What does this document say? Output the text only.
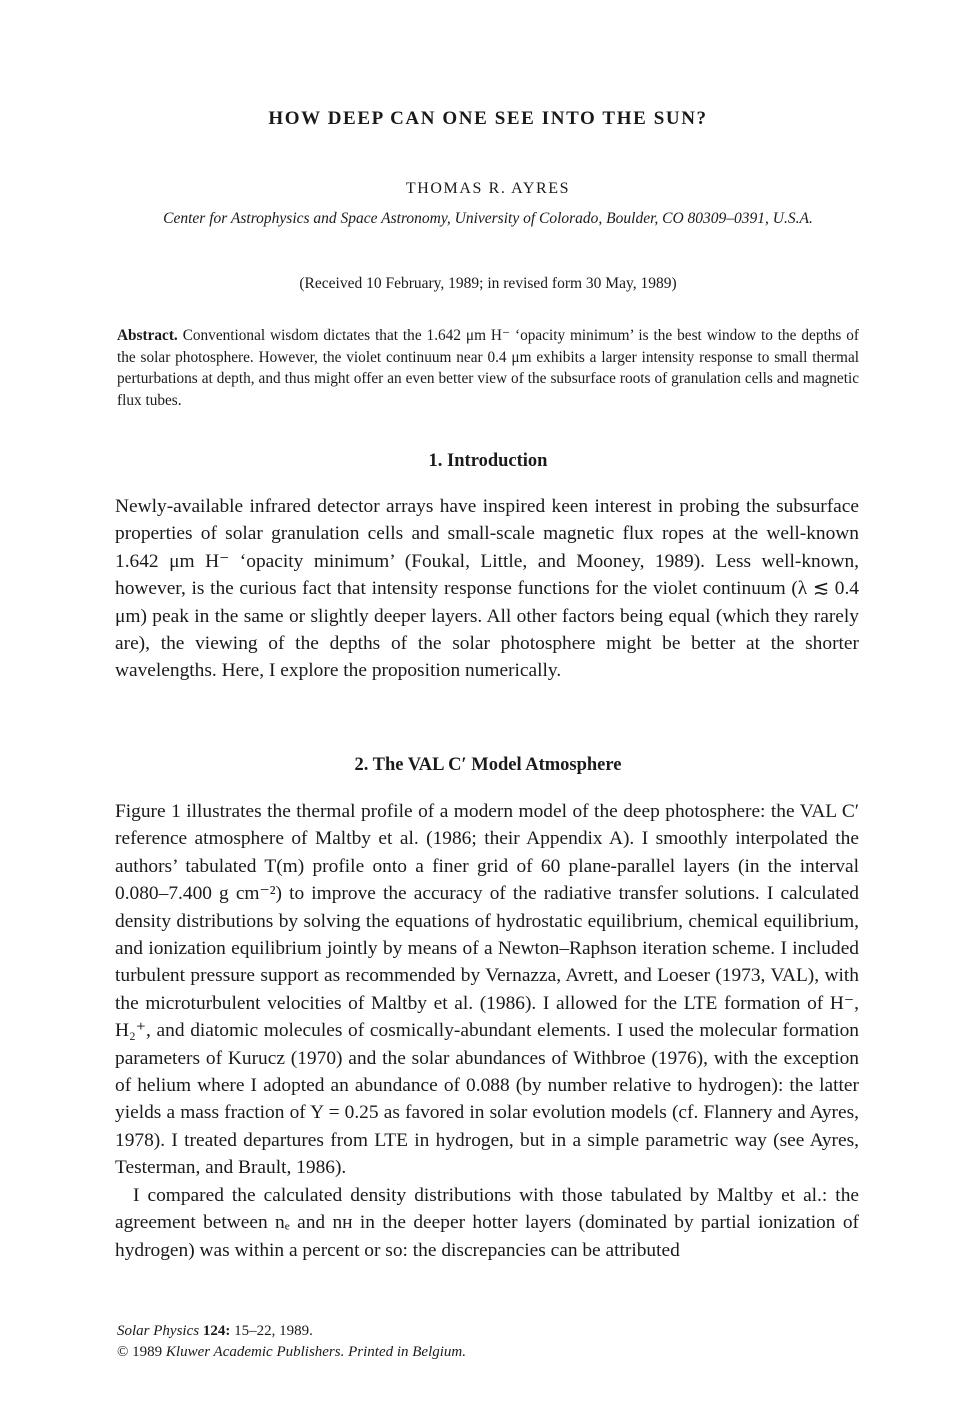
HOW DEEP CAN ONE SEE INTO THE SUN?
THOMAS R. AYRES
Center for Astrophysics and Space Astronomy, University of Colorado, Boulder, CO 80309–0391, U.S.A.
(Received 10 February, 1989; in revised form 30 May, 1989)
Abstract. Conventional wisdom dictates that the 1.642 μm H⁻ ‘opacity minimum’ is the best window to the depths of the solar photosphere. However, the violet continuum near 0.4 μm exhibits a larger intensity response to small thermal perturbations at depth, and thus might offer an even better view of the subsurface roots of granulation cells and magnetic flux tubes.
1. Introduction

Newly-available infrared detector arrays have inspired keen interest in probing the subsurface properties of solar granulation cells and small-scale magnetic flux ropes at the well-known 1.642 μm H⁻ ‘opacity minimum’ (Foukal, Little, and Mooney, 1989). Less well-known, however, is the curious fact that intensity response functions for the violet continuum (λ ≲ 0.4 μm) peak in the same or slightly deeper layers. All other factors being equal (which they rarely are), the viewing of the depths of the solar photosphere might be better at the shorter wavelengths. Here, I explore the proposition numerically.

2. The VAL C′ Model Atmosphere

Figure 1 illustrates the thermal profile of a modern model of the deep photosphere: the VAL C′ reference atmosphere of Maltby et al. (1986; their Appendix A). I smoothly interpolated the authors’ tabulated T(m) profile onto a finer grid of 60 plane-parallel layers (in the interval 0.080–7.400 g cm⁻²) to improve the accuracy of the radiative transfer solutions. I calculated density distributions by solving the equations of hydrostatic equilibrium, chemical equilibrium, and ionization equilibrium jointly by means of a Newton–Raphson iteration scheme. I included turbulent pressure support as recommended by Vernazza, Avrett, and Loeser (1973, VAL), with the microturbulent velocities of Maltby et al. (1986). I allowed for the LTE formation of H⁻, H₂⁺, and diatomic molecules of cosmically-abundant elements. I used the molecular formation parameters of Kurucz (1970) and the solar abundances of Withbroe (1976), with the exception of helium where I adopted an abundance of 0.088 (by number relative to hydrogen): the latter yields a mass fraction of Y = 0.25 as favored in solar evolution models (cf. Flannery and Ayres, 1978). I treated departures from LTE in hydrogen, but in a simple parametric way (see Ayres, Testerman, and Brault, 1986).

I compared the calculated density distributions with those tabulated by Maltby et al.: the agreement between nₑ and nʜ in the deeper hotter layers (dominated by partial ionization of hydrogen) was within a percent or so: the discrepancies can be attributed

Solar Physics 124: 15–22, 1989.
© 1989 Kluwer Academic Publishers. Printed in Belgium.
